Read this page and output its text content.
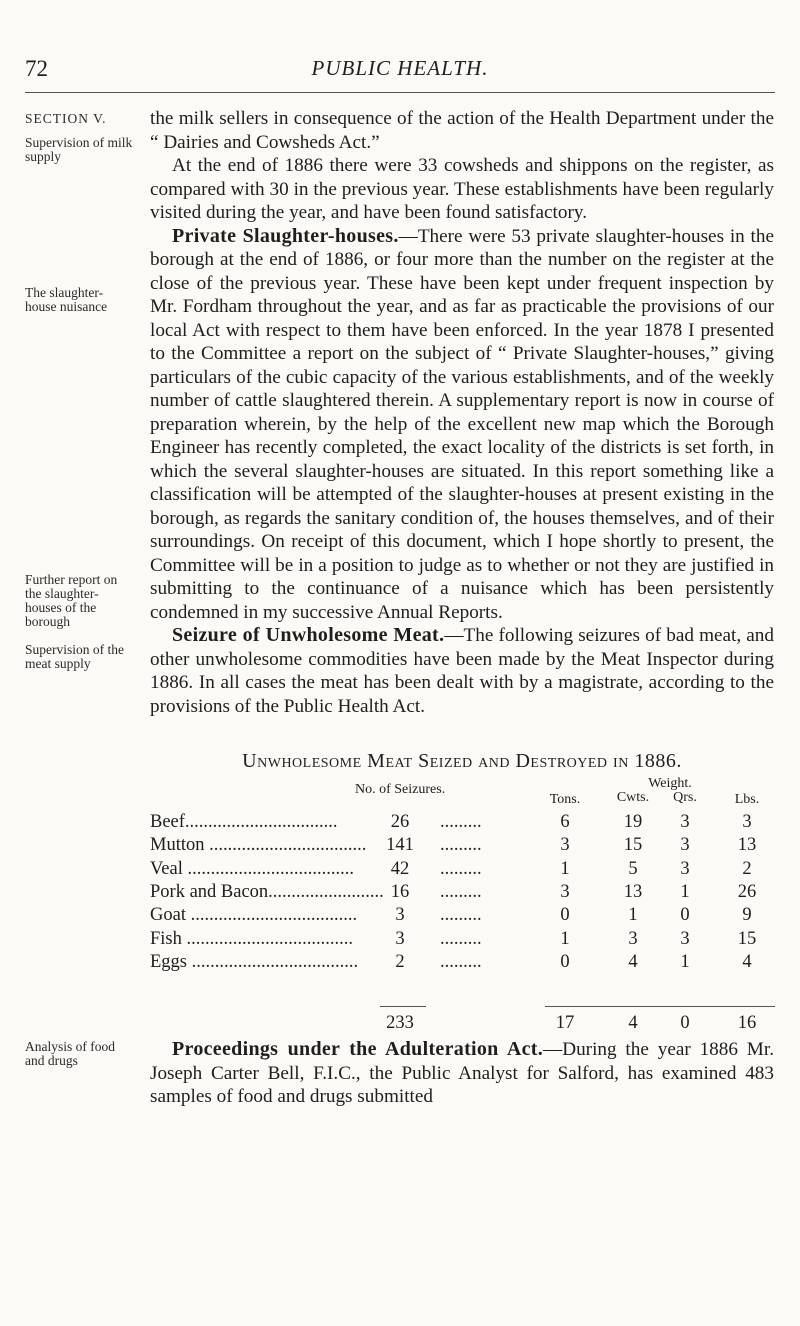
72	PUBLIC HEALTH.
SECTION V.
Supervision of milk supply
The slaughter-house nuisance
Further report on the slaughter-houses of the borough
Supervision of the meat supply
Analysis of food and drugs

the milk sellers in consequence of the action of the Health Department under the “ Dairies and Cowsheds Act.”

At the end of 1886 there were 33 cowsheds and shippons on the register, as compared with 30 in the previous year. These establishments have been regularly visited during the year, and have been found satisfactory.

Private Slaughter-houses.—There were 53 private slaughter-houses in the borough at the end of 1886, or four more than the number on the register at the close of the previous year. These have been kept under frequent inspection by Mr. Fordham throughout the year, and as far as practicable the provisions of our local Act with respect to them have been enforced. In the year 1878 I presented to the Committee a report on the subject of “ Private Slaughter-houses,” giving particulars of the cubic capacity of the various establishments, and of the weekly number of cattle slaughtered therein. A supplementary report is now in course of preparation wherein, by the help of the excellent new map which the Borough Engineer has recently completed, the exact locality of the districts is set forth, in which the several slaughter-houses are situated. In this report something like a classification will be attempted of the slaughter-houses at present existing in the borough, as regards the sanitary condition of, the houses themselves, and of their surroundings. On receipt of this document, which I hope shortly to present, the Committee will be in a position to judge as to whether or not they are justified in submitting to the continuance of a nuisance which has been persistently condemned in my successive Annual Reports.

Seizure of Unwholesome Meat.—The following seizures of bad meat, and other unwholesome commodities have been made by the Meat Inspector during 1886. In all cases the meat has been dealt with by a magistrate, according to the provisions of the Public Health Act.

Unwholesome Meat Seized and Destroyed in 1886.
No. of Seizures.	Weight.
Tons.	Cwts.	Qrs.	Lbs.
Beef.................................	26	.........	6	19	3	3
Mutton ..................................	141	.........	3	15	3	13
Veal ....................................	42	.........	1	5	3	2
Pork and Bacon......................... 16	.........	3	13	1	26
Goat ....................................	3	.........	0	1	0	9
Fish ....................................	3	.........	1	3	3	15
Eggs ....................................	2	.........	0	4	1	4
233	17	4	0	16

Proceedings under the Adulteration Act.—During the year 1886 Mr. Joseph Carter Bell, F.I.C., the Public Analyst for Salford, has examined 483 samples of food and drugs submitted
